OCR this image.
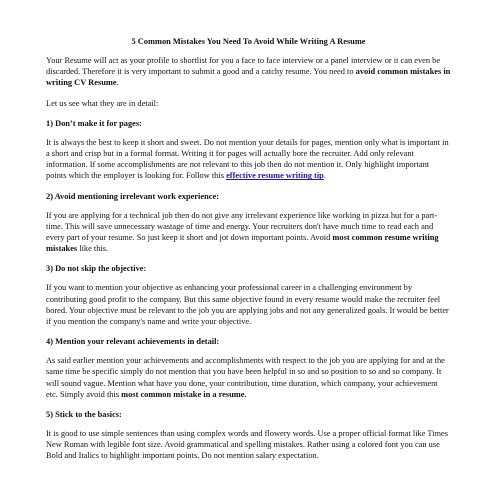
5 Common Mistakes You Need To Avoid While Writing A Resume

Your Resume will act as your profile to shortlist for you a face to face interview or a panel interview or it can even be discarded. Therefore it is very important to submit a good and a catchy resume. You need to avoid common mistakes in writing CV Resume.

Let us see what they are in detail:

1) Don’t make it for pages:

It is always the best to keep it short and sweet. Do not mention your details for pages, mention only what is important in a short and crisp but in a formal format. Writing it for pages will actually bore the recruiter. Add only relevant information. If some accomplishments are not relevant to this job then do not mention it. Only highlight important points which the employer is looking for. Follow this effective resume writing tip.

2) Avoid mentioning irrelevant work experience:

If you are applying for a technical job then do not give any irrelevant experience like working in pizza hut for a part-time. This will save unnecessary wastage of time and energy. Your recruiters don't have much time to read each and every part of your resume. So just keep it short and jot down important points. Avoid most common resume writing mistakes like this.

3) Do not skip the objective:

If you want to mention your objective as enhancing your professional career in a challenging environment by contributing good profit to the company. But this same objective found in every resume would make the recruiter feel bored. Your objective must be relevant to the job you are applying jobs and not any generalized goals. It would be better if you mention the company's name and write your objective.

4) Mention your relevant achievements in detail:

As said earlier mention your achievements and accomplishments with respect to the job you are applying for and at the same time be specific simply do not mention that you have been helpful in so and so position to so and so company. It will sound vague. Mention what have you done, your contribution, time duration, which company, your achievement etc. Simply avoid this most common mistake in a resume.

5) Stick to the basics:

It is good to use simple sentences than using complex words and flowery words. Use a proper official format like Times New Roman with legible font size. Avoid grammatical and spelling mistakes. Rather using a colored font you can use Bold and Italics to highlight important points. Do not mention salary expectation.
